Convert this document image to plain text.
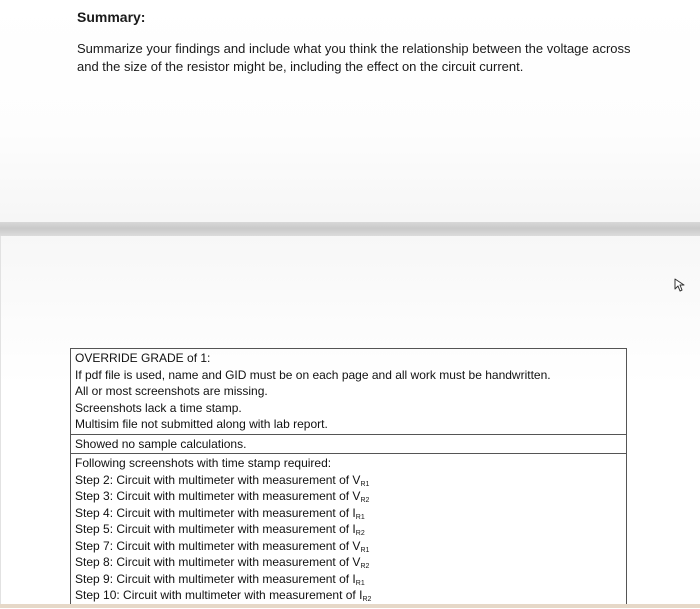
Summary:

Summarize your findings and include what you think the relationship between the voltage across and the size of the resistor might be, including the effect on the circuit current.

OVERRIDE GRADE of 1:
If pdf file is used, name and GID must be on each page and all work must be handwritten.
All or most screenshots are missing.
Screenshots lack a time stamp.
Multisim file not submitted along with lab report.
Showed no sample calculations.
Following screenshots with time stamp required:
Step 2: Circuit with multimeter with measurement of $V_{R1}$
Step 3: Circuit with multimeter with measurement of $V_{R2}$
Step 4: Circuit with multimeter with measurement of $I_{R1}$
Step 5: Circuit with multimeter with measurement of $I_{R2}$
Step 7: Circuit with multimeter with measurement of $V_{R1}$
Step 8: Circuit with multimeter with measurement of $V_{R2}$
Step 9: Circuit with multimeter with measurement of $I_{R1}$
Step 10: Circuit with multimeter with measurement of $I_{R2}$
